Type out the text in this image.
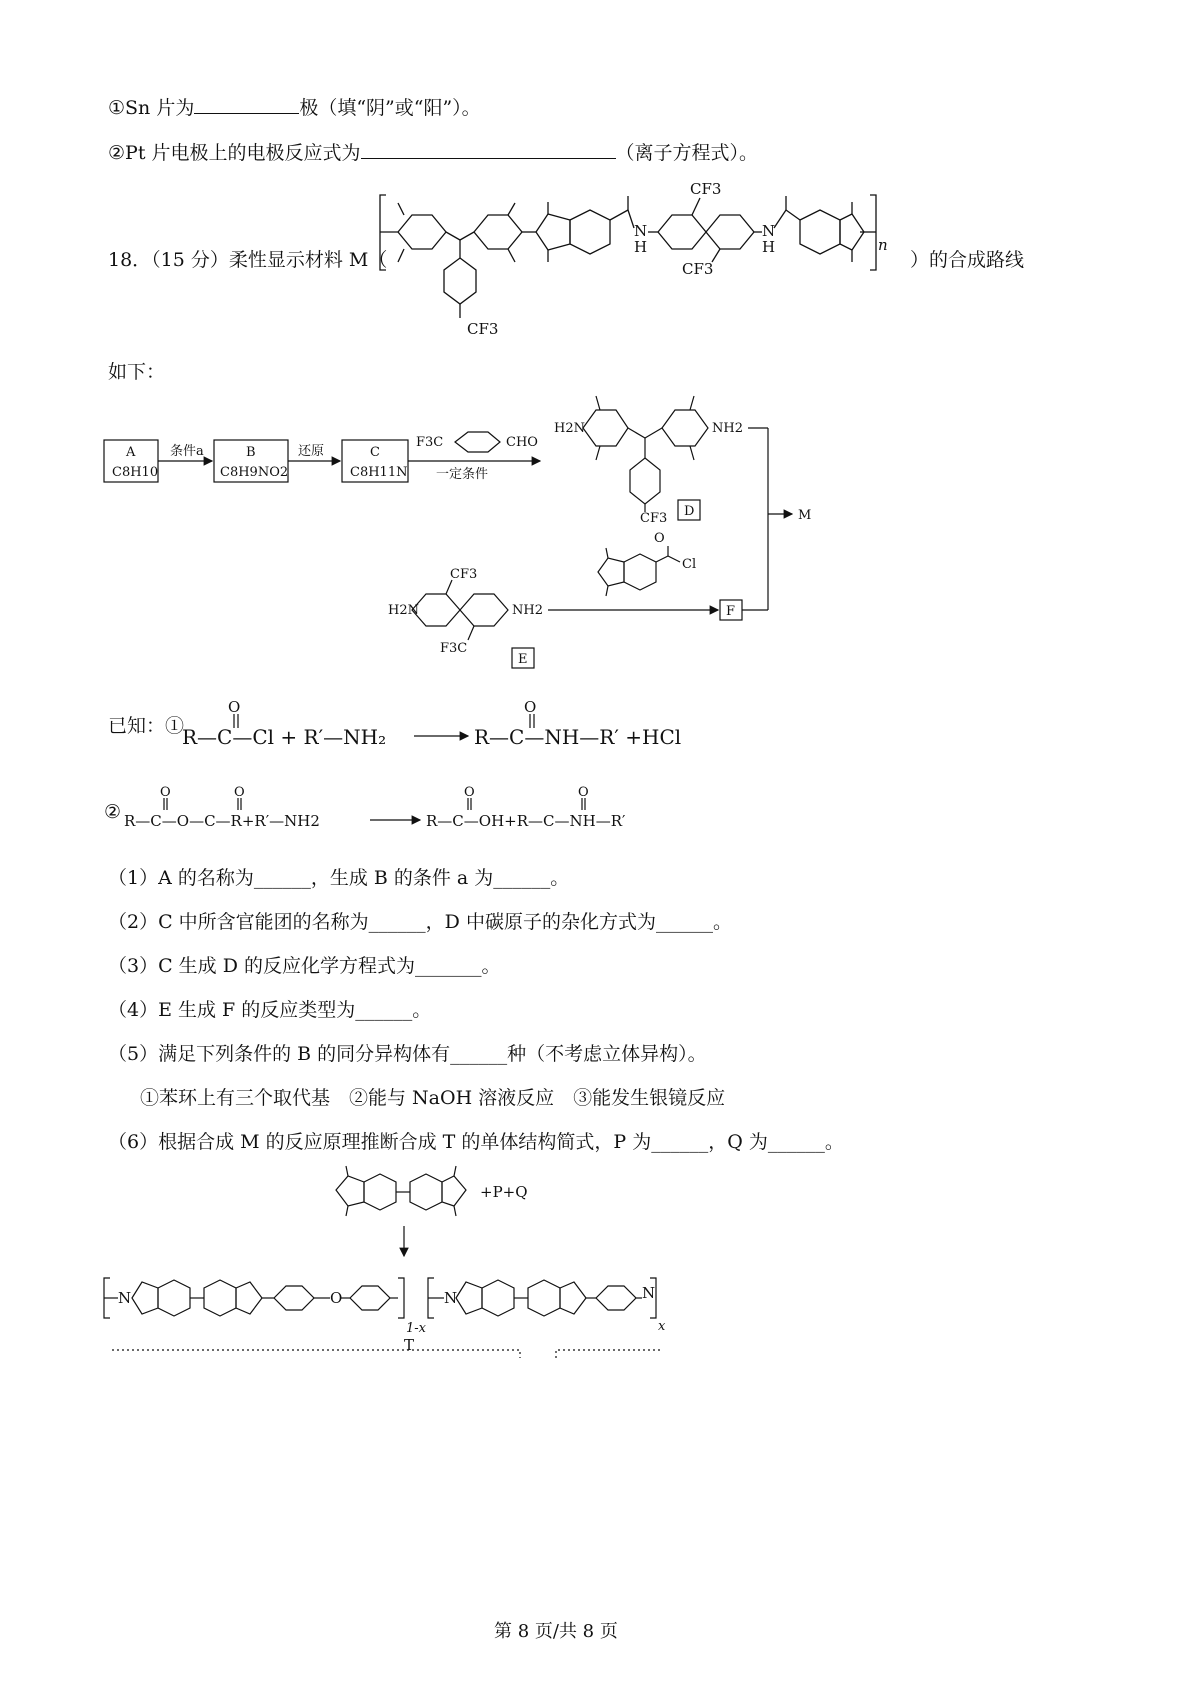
①Sn 片为	极（填“阴”或“阳”）。
②Pt 片电极上的电极反应式为	（离子方程式）。
18．（15 分）柔性显示材料 M（	）的合成路线
如下：
CF3
CF3
CF3
N
H
N
H	n
A
C8H10
条件a	B
C8H9NO2
还原	C
C8H11N
F3C	CHO
一定条件
H2N	NH2
CF3 D	M
O
Cl
H2N	NH2
CF3
F3C
E
F
已知：①
O	O
R—C—Cl + R′—NH₂	R—C—NH—R′ +HCl
②
O	O	O	O
R—C—O—C—R+R′—NH2	R—C—OH+R—C—NH—R′
（1）A 的名称为______，生成 B 的条件 a 为______。
（2）C 中所含官能团的名称为______，D 中碳原子的杂化方式为______。
（3）C 生成 D 的反应化学方程式为_______。
（4）E 生成 F 的反应类型为______。
（5）满足下列条件的 B 的同分异构体有______种（不考虑立体异构）。
①苯环上有三个取代基　②能与 NaOH 溶液反应　③能发生银镜反应
（6）根据合成 M 的反应原理推断合成 T 的单体结构简式，P 为______，Q 为______。
+P+Q
N	O	N	N
1-x	x
T
第 8 页/共 8 页
